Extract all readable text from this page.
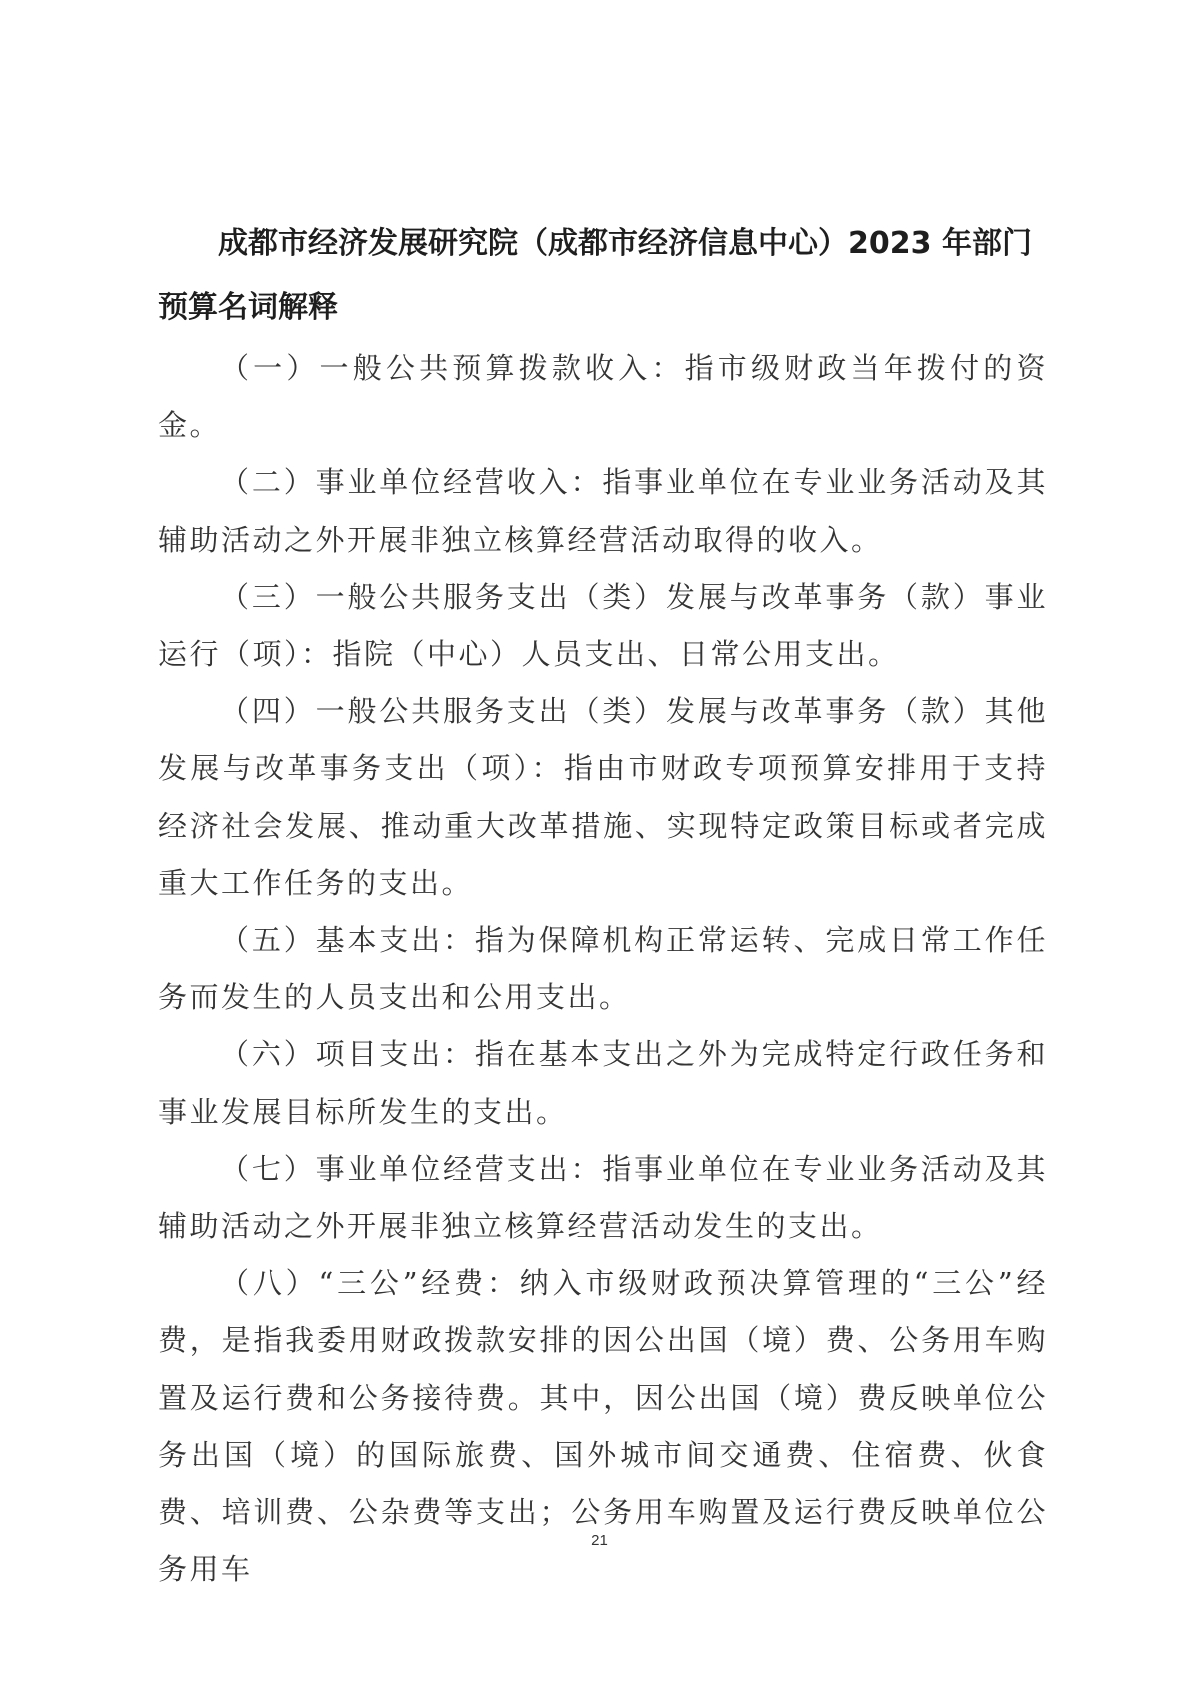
成都市经济发展研究院（成都市经济信息中心）2023 年部门预算名词解释

（一）一般公共预算拨款收入：指市级财政当年拨付的资金。

（二）事业单位经营收入：指事业单位在专业业务活动及其辅助活动之外开展非独立核算经营活动取得的收入。

（三）一般公共服务支出（类）发展与改革事务（款）事业运行（项）：指院（中心）人员支出、日常公用支出。

（四）一般公共服务支出（类）发展与改革事务（款）其他发展与改革事务支出（项）：指由市财政专项预算安排用于支持经济社会发展、推动重大改革措施、实现特定政策目标或者完成重大工作任务的支出。

（五）基本支出：指为保障机构正常运转、完成日常工作任务而发生的人员支出和公用支出。

（六）项目支出：指在基本支出之外为完成特定行政任务和事业发展目标所发生的支出。

（七）事业单位经营支出：指事业单位在专业业务活动及其辅助活动之外开展非独立核算经营活动发生的支出。

（八）“三公”经费：纳入市级财政预决算管理的“三公”经费，是指我委用财政拨款安排的因公出国（境）费、公务用车购置及运行费和公务接待费。其中，因公出国（境）费反映单位公务出国（境）的国际旅费、国外城市间交通费、住宿费、伙食费、培训费、公杂费等支出；公务用车购置及运行费反映单位公务用车

21
